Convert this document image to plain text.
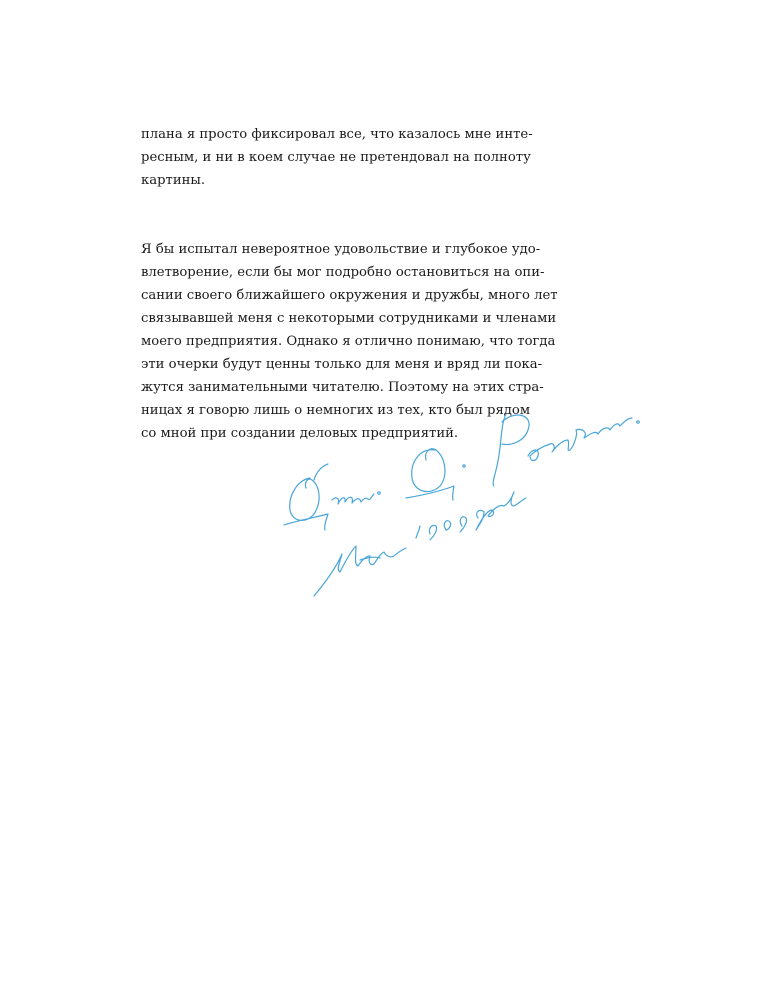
плана я просто фиксировал все, что казалось мне инте-
ресным, и ни в коем случае не претендовал на полноту
картины.
Я бы испытал невероятное удовольствие и глубокое удо-
влетворение, если бы мог подробно остановиться на опи-
сании своего ближайшего окружения и дружбы, много лет
связывавшей меня с некоторыми сотрудниками и членами
моего предприятия. Однако я отлично понимаю, что тогда
эти очерки будут ценны только для меня и вряд ли пока-
жутся занимательными читателю. Поэтому на этих стра-
ницах я говорю лишь о немногих из тех, кто был рядом
со мной при создании деловых предприятий.
